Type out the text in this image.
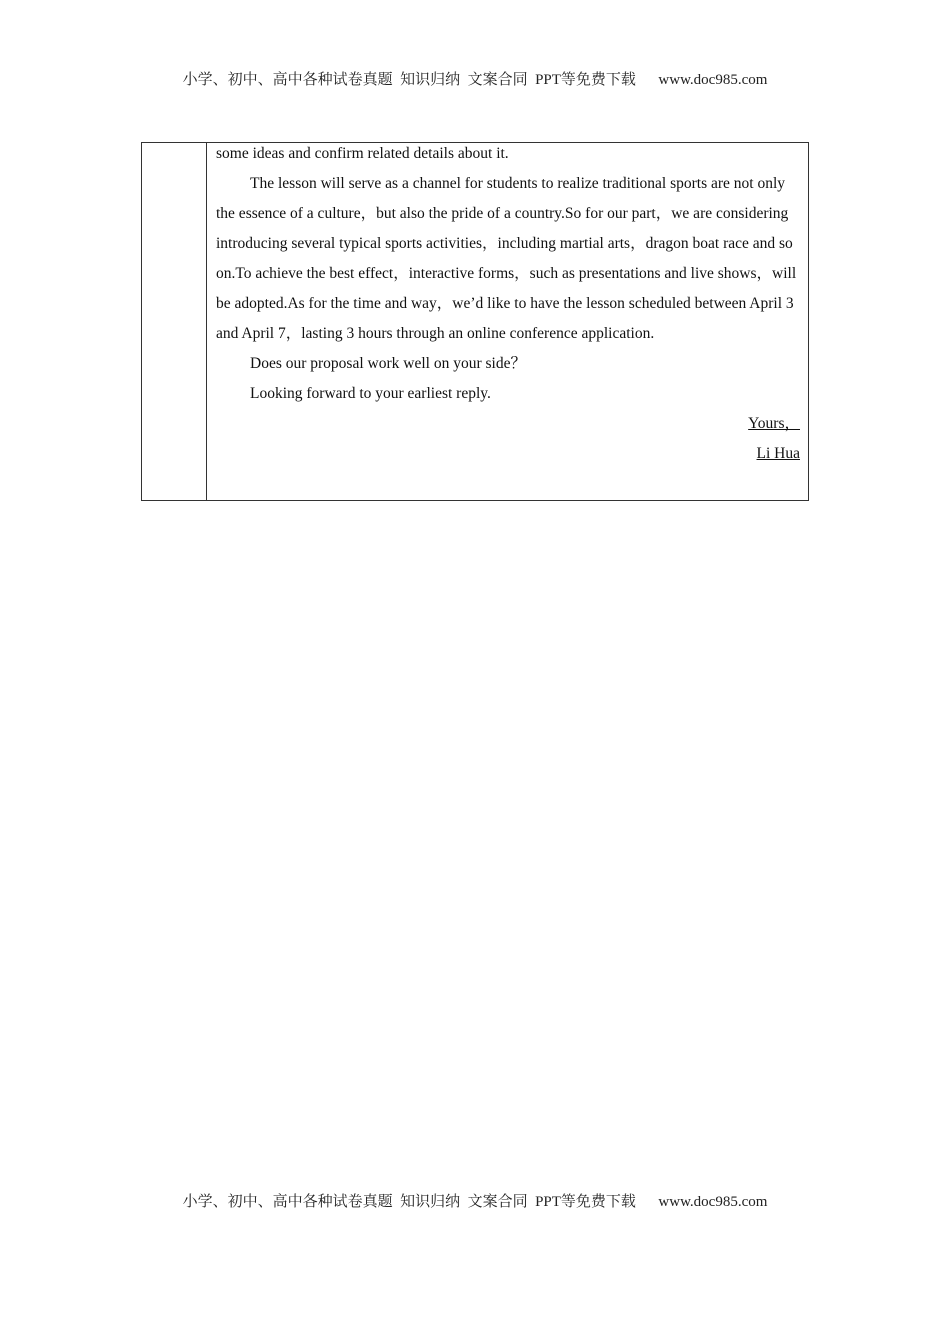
小学、初中、高中各种试卷真题  知识归纳  文案合同  PPT等免费下载      www.doc985.com

some ideas and confirm related details about it.

The lesson will serve as a channel for students to realize traditional sports are not only the essence of a culture，but also the pride of a country.So for our part，we are considering introducing several typical sports activities，including martial arts，dragon boat race and so on.To achieve the best effect，interactive forms，such as presentations and live shows，will be adopted.As for the time and way，we’d like to have the lesson scheduled between April 3 and April 7，lasting 3 hours through an online conference application.

Does our proposal work well on your side？

Looking forward to your earliest reply.

Yours，

Li Hua

小学、初中、高中各种试卷真题  知识归纳  文案合同  PPT等免费下载      www.doc985.com
